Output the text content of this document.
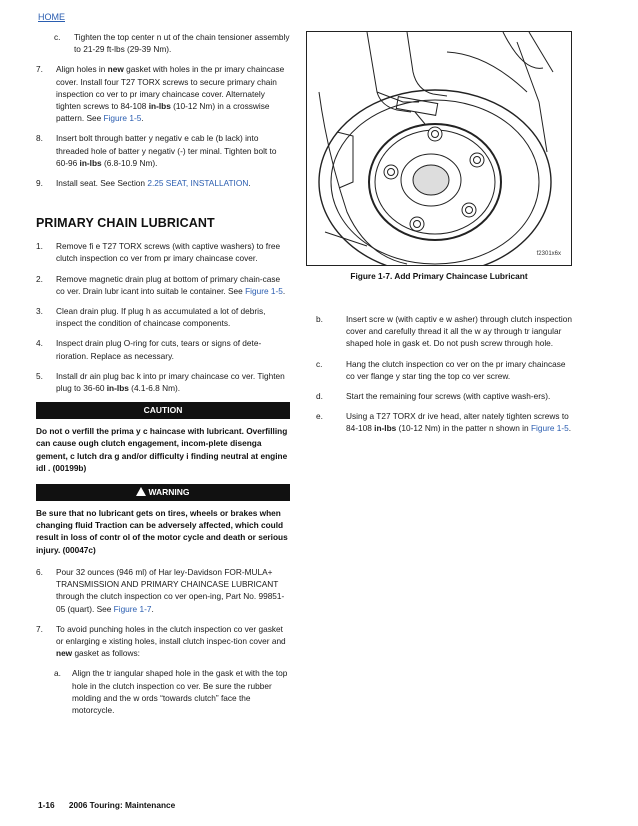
HOME
c.	Tighten the top center n ut of the chain tensioner assembly to 21-29 ft-lbs (29-39 Nm).
7.	Align holes in new gasket with holes in the pr imary chaincase cover. Install four T27 TORX screws to secure primary chain inspection co ver to pr imary chaincase cover. Alternately tighten screws to 84-108 in-lbs (10-12 Nm) in a crosswise pattern. See Figure 1-5.
8.	Insert bolt through batter y negativ e cab le (b lack) into threaded hole of batter y negativ (-) ter minal. Tighten bolt to 60-96 in-lbs (6.8-10.9 Nm).
9.	Install seat. See Section 2.25 SEAT, INSTALLATION.
PRIMARY CHAIN LUBRICANT
1.	Remove fi e T27 TORX screws (with captive washers) to free clutch inspection co ver from pr imary chaincase cover.
2.	Remove magnetic drain plug at bottom of primary chain-case co ver. Drain lubr icant into suitab le container. See Figure 1-5.
3.	Clean drain plug. If plug h as accumulated a lot of debris, inspect the condition of chaincase components.
4.	Inspect drain plug O-ring for cuts, tears or signs of dete-rioration. Replace as necessary.
5.	Install dr ain plug bac k into pr imary chaincase co ver. Tighten plug to 36-60 in-lbs (4.1-6.8 Nm).
CAUTION
Do not o verfill the prima y c haincase with lubricant. Overfilling can cause ough clutch engagement, incom-plete disenga gement, c lutch dra g and/or difficulty i finding neutral at engine idl . (00199b)
WARNING
Be sure that no lubricant gets on tires, wheels or brakes when changing fluid Traction can be adversely affected, which could result in loss of contr ol of the motor cycle and death or serious injury. (00047c)
6.	Pour 32 ounces (946 ml) of Har ley-Davidson FOR-MULA+ TRANSMISSION AND PRIMARY CHAINCASE LUBRICANT through the clutch inspection co ver open-ing, Part No. 99851-05 (quart). See Figure 1-7.
7.	To avoid punching holes in the clutch inspection co ver gasket or enlarging e xisting holes, install clutch inspec-tion cover and new gasket as follows:
a.	Align the tr iangular shaped hole in the gask et with the top hole in the clutch inspection co ver. Be sure the rubber molding and the w ords “towards clutch” face the motorcycle.
f2301x6x
Figure 1-7. Add Primary Chaincase Lubricant
b.	Insert scre w (with captiv e w asher) through clutch inspection cover and carefully thread it all the w ay through tr iangular shaped hole in gask et. Do not push screw through hole.
c.	Hang the clutch inspection co ver on the pr imary chaincase co ver flange y star ting the top co ver screw.
d.	Start the remaining four screws (with captive wash-ers).
e.	Using a T27 TORX dr ive head, alter nately tighten screws to 84-108 in-lbs (10-12 Nm) in the patter n shown in Figure 1-5.
1-16 2006 Touring: Maintenance
